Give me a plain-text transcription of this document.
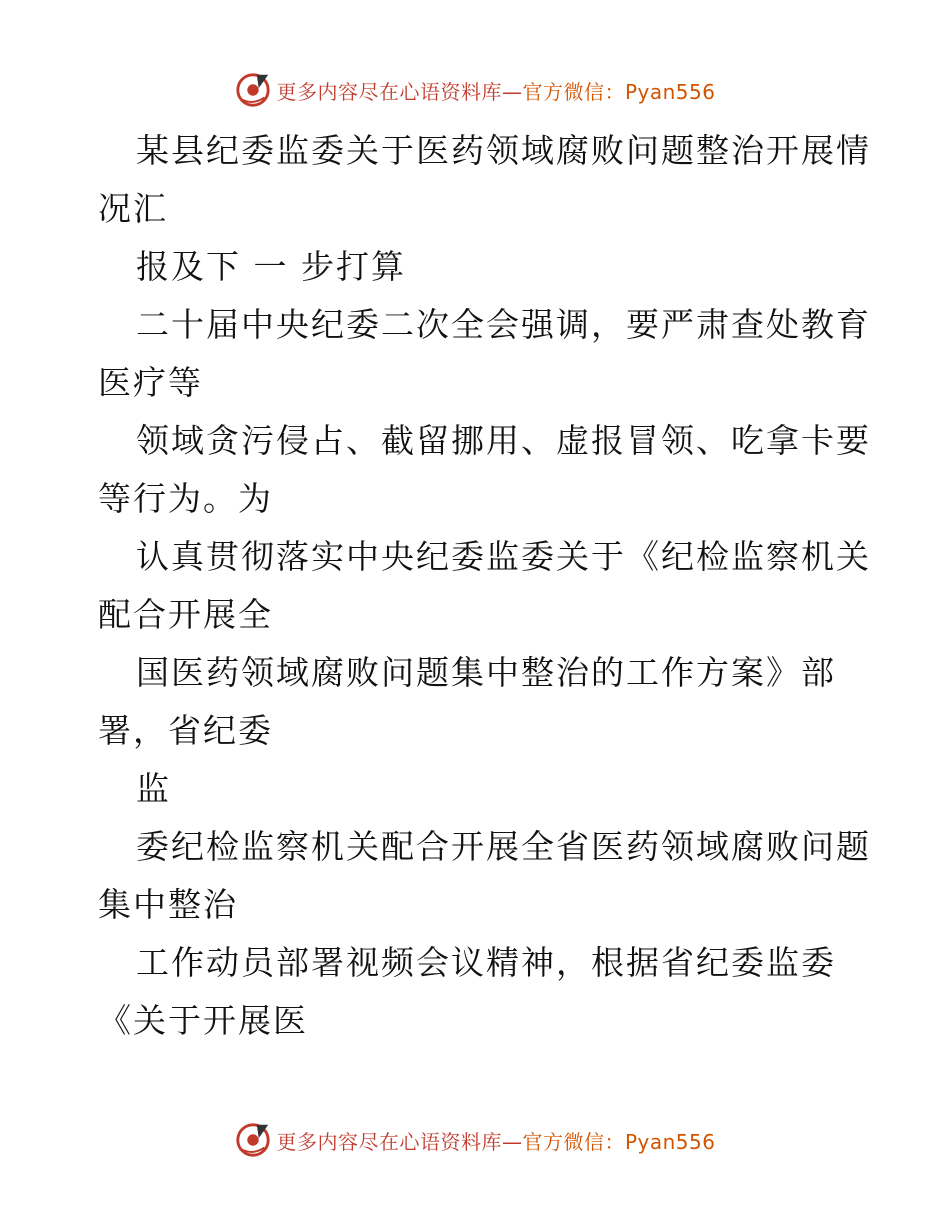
更多内容尽在心语资料库—官方微信：Pyan556
某县纪委监委关于医药领域腐败问题整治开展情
况汇
报及下 一 步打算
二十届中央纪委二次全会强调，要严肃查处教育
医疗等
领域贪污侵占、截留挪用、虚报冒领、吃拿卡要
等行为。为
认真贯彻落实中央纪委监委关于《纪检监察机关
配合开展全
国医药领域腐败问题集中整治的工作方案》部
署，省纪委
监
委纪检监察机关配合开展全省医药领域腐败问题
集中整治
工作动员部署视频会议精神，根据省纪委监委
《关于开展医
更多内容尽在心语资料库—官方微信：Pyan556
